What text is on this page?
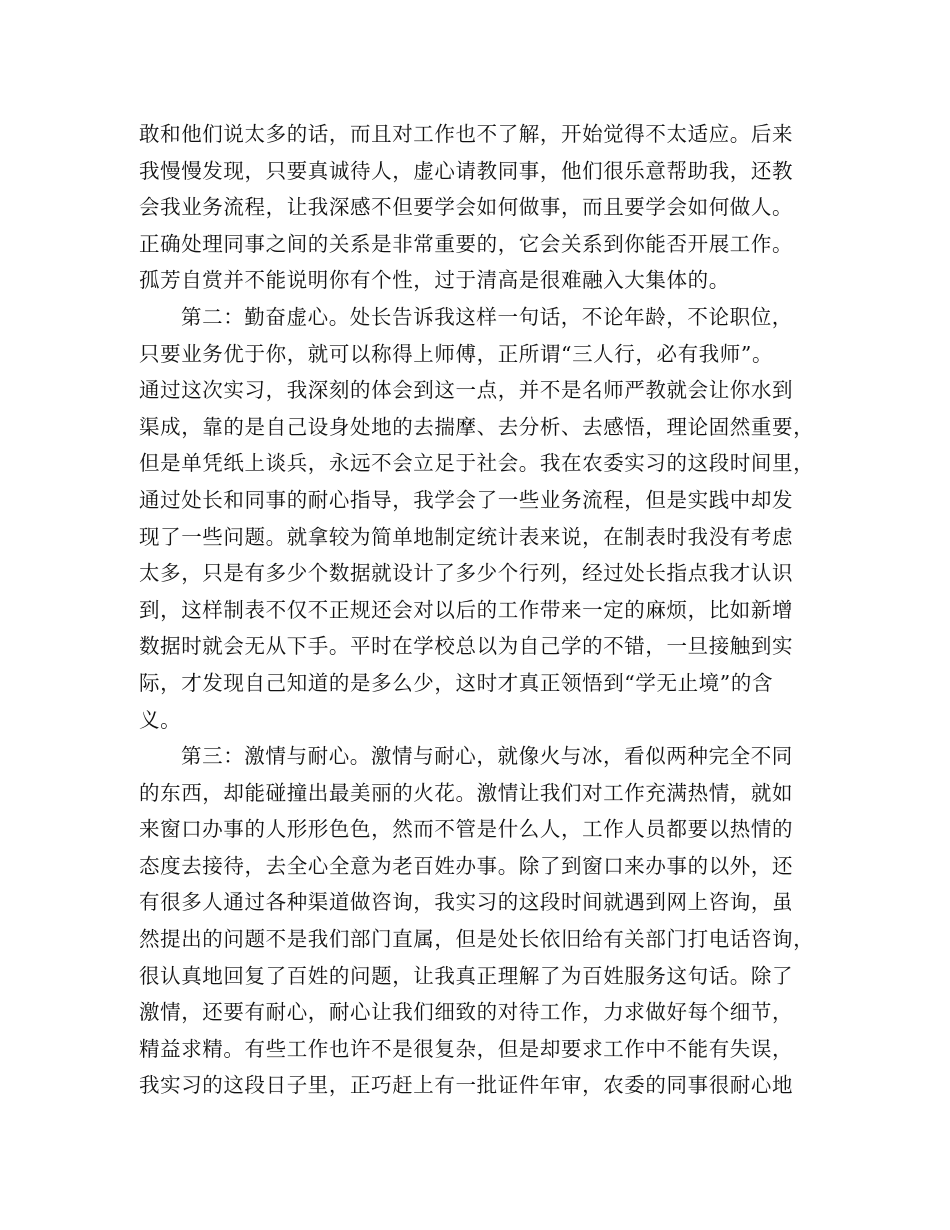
敢和他们说太多的话，而且对工作也不了解，开始觉得不太适应。后来
我慢慢发现，只要真诚待人，虚心请教同事，他们很乐意帮助我，还教
会我业务流程，让我深感不但要学会如何做事，而且要学会如何做人。
正确处理同事之间的关系是非常重要的，它会关系到你能否开展工作。
孤芳自赏并不能说明你有个性，过于清高是很难融入大集体的。
第二：勤奋虚心。处长告诉我这样一句话，不论年龄，不论职位，
只要业务优于你，就可以称得上师傅，正所谓“三人行，必有我师”。
通过这次实习，我深刻的体会到这一点，并不是名师严教就会让你水到
渠成，靠的是自己设身处地的去揣摩、去分析、去感悟，理论固然重要，
但是单凭纸上谈兵，永远不会立足于社会。我在农委实习的这段时间里，
通过处长和同事的耐心指导，我学会了一些业务流程，但是实践中却发
现了一些问题。就拿较为简单地制定统计表来说，在制表时我没有考虑
太多，只是有多少个数据就设计了多少个行列，经过处长指点我才认识
到，这样制表不仅不正规还会对以后的工作带来一定的麻烦，比如新增
数据时就会无从下手。平时在学校总以为自己学的不错，一旦接触到实
际，才发现自己知道的是多么少，这时才真正领悟到“学无止境”的含
义。
第三：激情与耐心。激情与耐心，就像火与冰，看似两种完全不同
的东西，却能碰撞出最美丽的火花。激情让我们对工作充满热情，就如
来窗口办事的人形形色色，然而不管是什么人，工作人员都要以热情的
态度去接待，去全心全意为老百姓办事。除了到窗口来办事的以外，还
有很多人通过各种渠道做咨询，我实习的这段时间就遇到网上咨询，虽
然提出的问题不是我们部门直属，但是处长依旧给有关部门打电话咨询，
很认真地回复了百姓的问题，让我真正理解了为百姓服务这句话。除了
激情，还要有耐心，耐心让我们细致的对待工作，力求做好每个细节，
精益求精。有些工作也许不是很复杂，但是却要求工作中不能有失误，
我实习的这段日子里，正巧赶上有一批证件年审，农委的同事很耐心地
